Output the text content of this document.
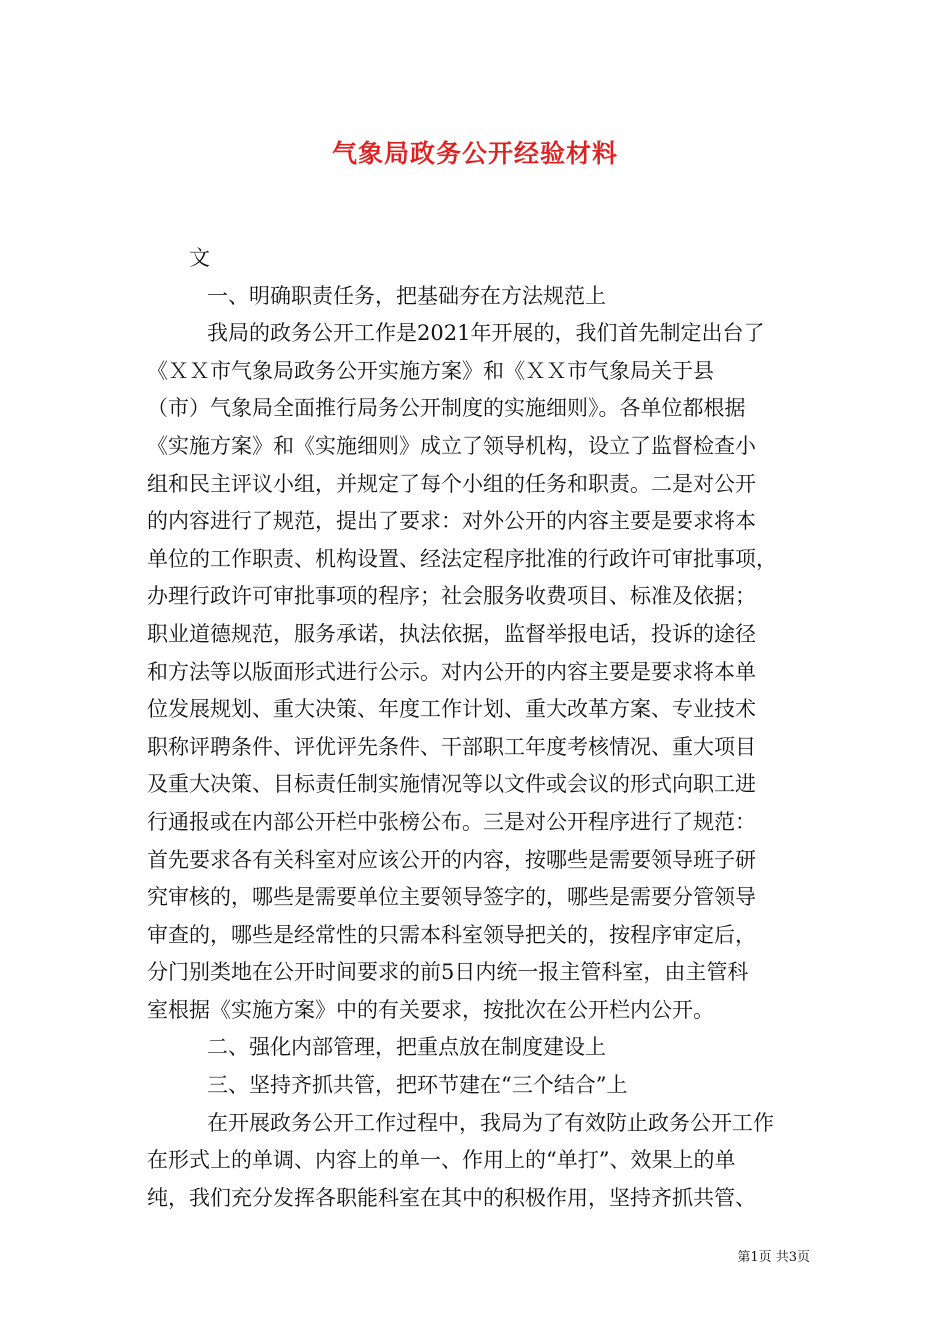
气象局政务公开经验材料
文
一、明确职责任务，把基础夯在方法规范上
我局的政务公开工作是2021年开展的，我们首先制定出台了
《ＸＸ市气象局政务公开实施方案》和《ＸＸ市气象局关于县
（市）气象局全面推行局务公开制度的实施细则》。各单位都根据
《实施方案》和《实施细则》成立了领导机构，设立了监督检查小
组和民主评议小组，并规定了每个小组的任务和职责。二是对公开
的内容进行了规范，提出了要求：对外公开的内容主要是要求将本
单位的工作职责、机构设置、经法定程序批准的行政许可审批事项，
办理行政许可审批事项的程序；社会服务收费项目、标准及依据；
职业道德规范，服务承诺，执法依据，监督举报电话，投诉的途径
和方法等以版面形式进行公示。对内公开的内容主要是要求将本单
位发展规划、重大决策、年度工作计划、重大改革方案、专业技术
职称评聘条件、评优评先条件、干部职工年度考核情况、重大项目
及重大决策、目标责任制实施情况等以文件或会议的形式向职工进
行通报或在内部公开栏中张榜公布。三是对公开程序进行了规范：
首先要求各有关科室对应该公开的内容，按哪些是需要领导班子研
究审核的，哪些是需要单位主要领导签字的，哪些是需要分管领导
审查的，哪些是经常性的只需本科室领导把关的，按程序审定后，
分门别类地在公开时间要求的前5日内统一报主管科室，由主管科
室根据《实施方案》中的有关要求，按批次在公开栏内公开。
二、强化内部管理，把重点放在制度建设上
三、坚持齐抓共管，把环节建在“三个结合”上
在开展政务公开工作过程中，我局为了有效防止政务公开工作
在形式上的单调、内容上的单一、作用上的“单打”、效果上的单
纯，我们充分发挥各职能科室在其中的积极作用，坚持齐抓共管、
第1页 共3页
